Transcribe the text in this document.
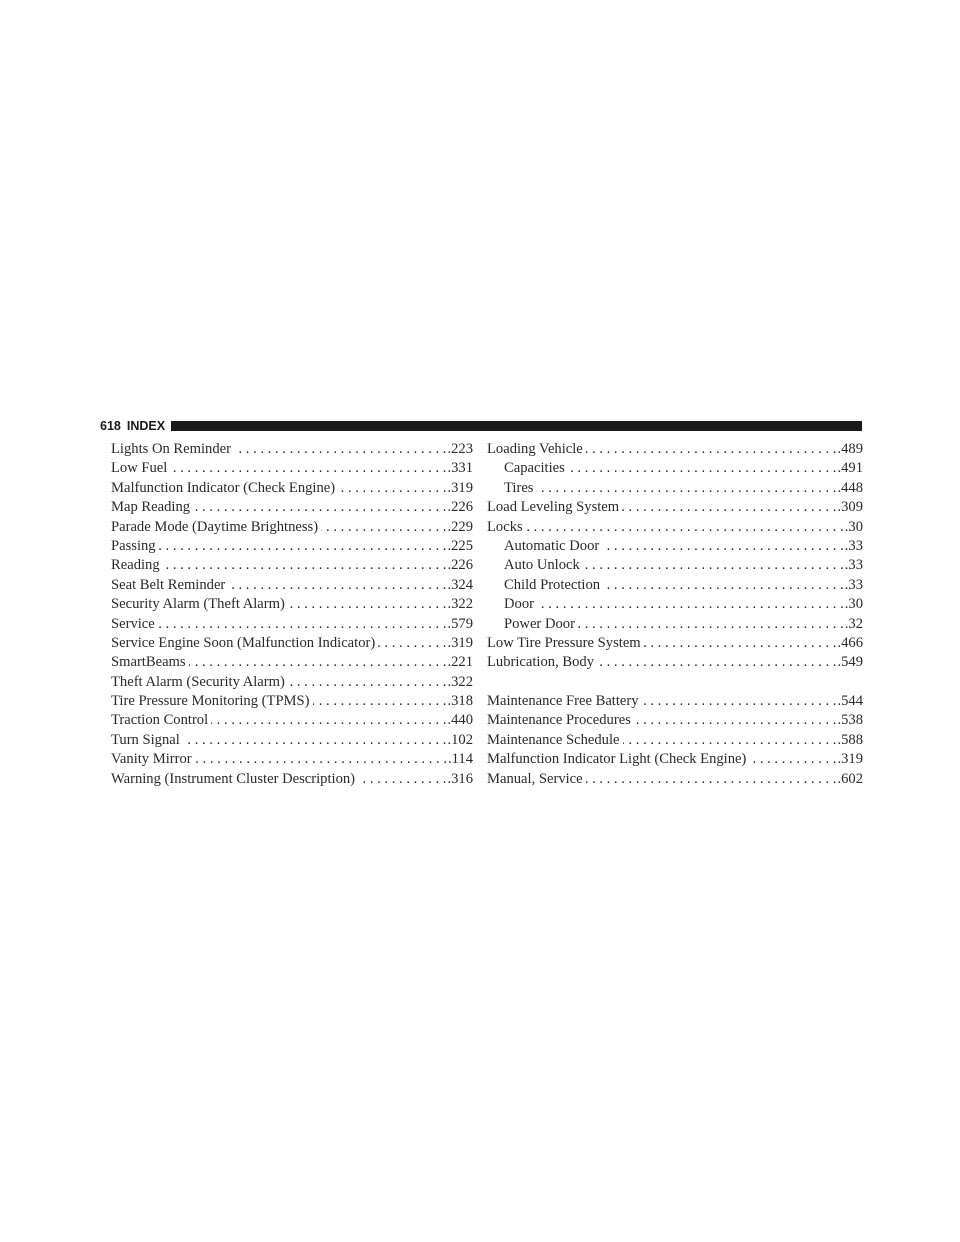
618 INDEX
Lights On Reminder . . .	.223
Low Fuel . . .	.331
Malfunction Indicator (Check Engine) . . .	.319
Map Reading . . .	.226
Parade Mode (Daytime Brightness) . . .	.229
Passing . . .	.225
Reading . . .	.226
Seat Belt Reminder . . .	.324
Security Alarm (Theft Alarm) . . .	.322
Service . . .	.579
Service Engine Soon (Malfunction Indicator) . . .	.319
SmartBeams . . .	.221
Theft Alarm (Security Alarm) . . .	.322
Tire Pressure Monitoring (TPMS) . . .	.318
Traction Control . . .	.440
Turn Signal . . .	.102
Vanity Mirror . . .	.114
Warning (Instrument Cluster Description) . . .	.316
Loading Vehicle . . .	.489
Capacities . . .	.491
Tires . . .	.448
Load Leveling System . . .	.309
Locks . . .	.30
Automatic Door . . .	.33
Auto Unlock . . .	.33
Child Protection . . .	.33
Door . . .	.30
Power Door . . .	.32
Low Tire Pressure System . . .	.466
Lubrication, Body . . .	.549
Maintenance Free Battery . . .	.544
Maintenance Procedures . . .	.538
Maintenance Schedule . . .	.588
Malfunction Indicator Light (Check Engine) . . .	.319
Manual, Service . . .	.602
